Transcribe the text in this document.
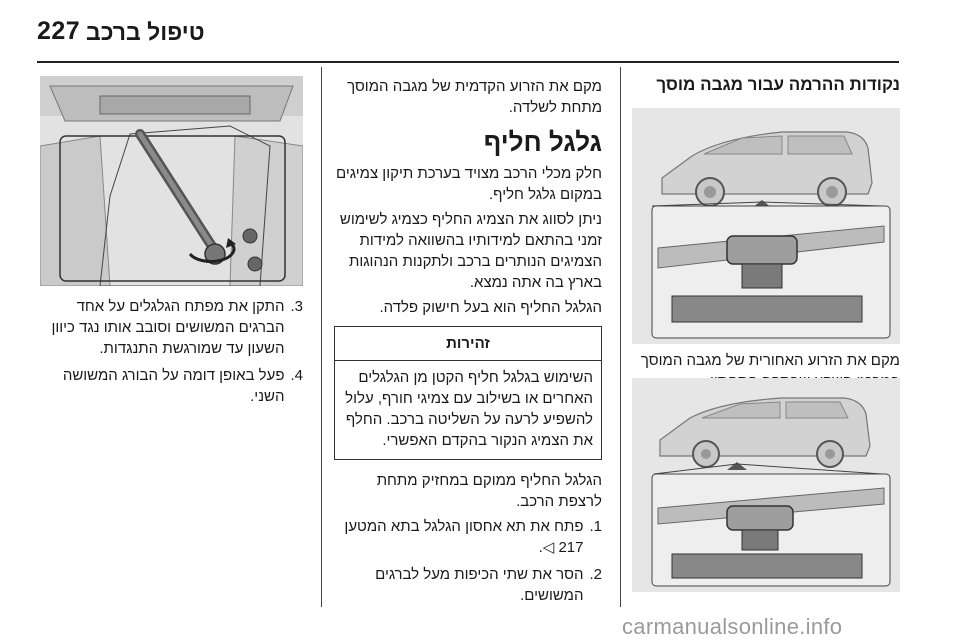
227 טיפול ברכב
נקודות ההרמה עבור מגבה מוסך

מקם את הזרוע האחורית של מגבה המוסך

מקם את הזרוע הקדמית של מגבה המוסך מתחת לשלדה.

גלגל חליף

חלק מכלי הרכב מצויד בערכת תיקון צמיגים במקום גלגל חליף.

ניתן לסווג את הצמיג החליף כצמיג לשימוש זמני בהתאם למידותיו בהשוואה למידות הצמיגים הנותרים ברכב ולתקנות הנהוגות בארץ בה אתה נמצא.

הגלגל החליף הוא בעל חישוק פלדה.

זהירות
השימוש בגלגל חליף הקטן מן הגלגלים האחרים או בשילוב עם צמיגי חורף, עלול להשפיע לרעה על השליטה ברכב. החלף את הצמיג הנקור בהקדם האפשרי.

הגלגל החליף ממוקם במחזיק מתחת לרצפת הרכב.

1.
פתח את תא אחסון הגלגל בתא המטען 217 ◁.
2.
הסר את שתי הכיפות מעל לברגים המשושים.
3.
התקן את מפתח הגלגלים על אחד הברגים המשושים וסובב אותו נגד כיוון השעון עד שמורגשת התנגדות.
4.
פעל באופן דומה על הבורג המשושה השני.
carmanualsonline.info
